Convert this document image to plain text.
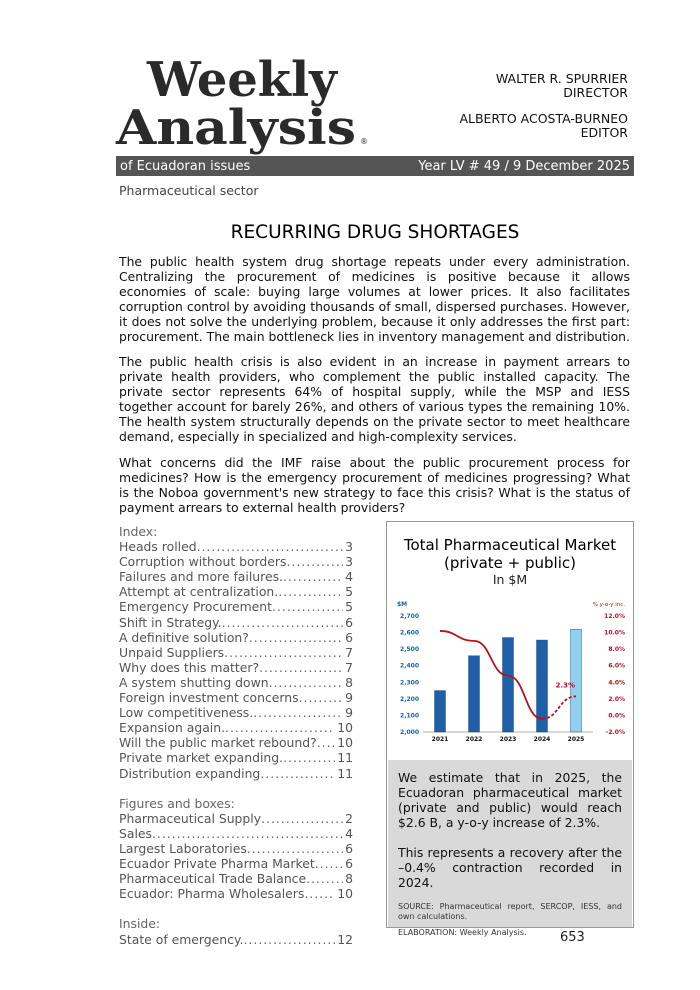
Weekly
Analysis ®
WALTER R. SPURRIER
DIRECTOR
ALBERTO ACOSTA-BURNEO
EDITOR
of Ecuadoran issues	Year LV # 49 / 9 December 2025
Pharmaceutical sector
RECURRING DRUG SHORTAGES

The public health system drug shortage repeats under every administration. Centralizing the procurement of medicines is positive because it allows economies of scale: buying large volumes at lower prices. It also facilitates corruption control by avoiding thousands of small, dispersed purchases. However, it does not solve the underlying problem, because it only addresses the first part: procurement. The main bottleneck lies in inventory management and distribution.

The public health crisis is also evident in an increase in payment arrears to private health providers, who complement the public installed capacity. The private sector represents 64% of hospital supply, while the MSP and IESS together account for barely 26%, and others of various types the remaining 10%. The health system structurally depends on the private sector to meet healthcare demand, especially in specialized and high-complexity services.

What concerns did the IMF raise about the public procurement process for medicines? How is the emergency procurement of medicines progressing? What is the Noboa government's new strategy to face this crisis? What is the status of payment arrears to external health providers?

Index:
Heads rolled .....	3
Corruption without borders .....	3
Failures and more failures. .....	4
Attempt at centralization. .....	5
Emergency Procurement .....	5
Shift in Strategy. .....	6
A definitive solution? .....	6
Unpaid Suppliers .....	7
Why does this matter? .....	7
A system shutting down .....	8
Foreign investment concerns .....	9
Low competitiveness. .....	9
Expansion again. .....	10
Will the public market rebound? ..... 10
Private market expanding. .....	11
Distribution expanding .....	11
Figures and boxes:
Pharmaceutical Supply .....	2
Sales .....	4
Largest Laboratories .....	6
Ecuador Private Pharma Market ..... 6
Pharmaceutical Trade Balance .....	8
Ecuador: Pharma Wholesalers .....	10
Inside:
State of emergency. .....	12
Total Pharmaceutical Market
(private + public)
In $M
$M	% y-o-y inc.
2,000
2,100
2,200
2,300
2,400
2,500
2,600
2,700
-2.0%
0.0%
2.0%
4.0%
6.0%
8.0%
10.0%
12.0%
2021	2022	2023	2024	2025
2.3%

We estimate that in 2025, the Ecuadoran pharmaceutical market (private and public) would reach $2.6 B, a y-o-y increase of 2.3%.

This represents a recovery after the –0.4% contraction recorded in 2024.

SOURCE: Pharmaceutical report, SERCOP, IESS, and own calculations.

ELABORATION: Weekly Analysis.	653
